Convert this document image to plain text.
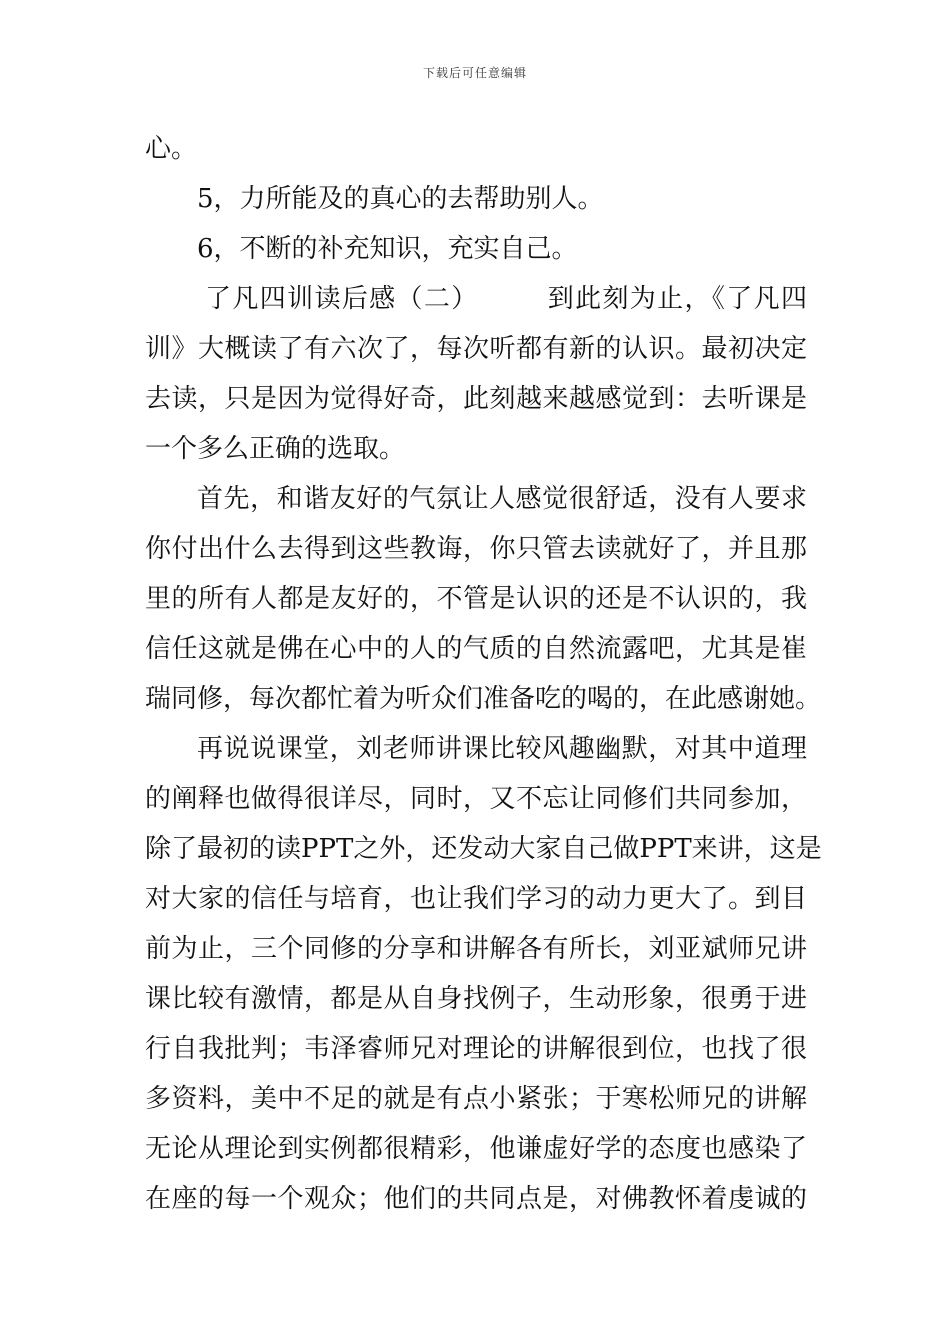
下载后可任意编辑
心。
5，力所能及的真心的去帮助别人。
6，不断的补充知识，充实自己。
了凡四训读后感（二）　　　到此刻为止，《了凡四
训》大概读了有六次了，每次听都有新的认识。最初决定
去读，只是因为觉得好奇，此刻越来越感觉到：去听课是
一个多么正确的选取。
首先，和谐友好的气氛让人感觉很舒适，没有人要求
你付出什么去得到这些教诲，你只管去读就好了，并且那
里的所有人都是友好的，不管是认识的还是不认识的，我
信任这就是佛在心中的人的气质的自然流露吧，尤其是崔
瑞同修，每次都忙着为听众们准备吃的喝的，在此感谢她。
再说说课堂，刘老师讲课比较风趣幽默，对其中道理
的阐释也做得很详尽，同时，又不忘让同修们共同参加，
除了最初的读PPT之外，还发动大家自己做PPT来讲，这是
对大家的信任与培育，也让我们学习的动力更大了。到目
前为止，三个同修的分享和讲解各有所长，刘亚斌师兄讲
课比较有激情，都是从自身找例子，生动形象，很勇于进
行自我批判；韦泽睿师兄对理论的讲解很到位，也找了很
多资料，美中不足的就是有点小紧张；于寒松师兄的讲解
无论从理论到实例都很精彩，他谦虚好学的态度也感染了
在座的每一个观众；他们的共同点是，对佛教怀着虔诚的
